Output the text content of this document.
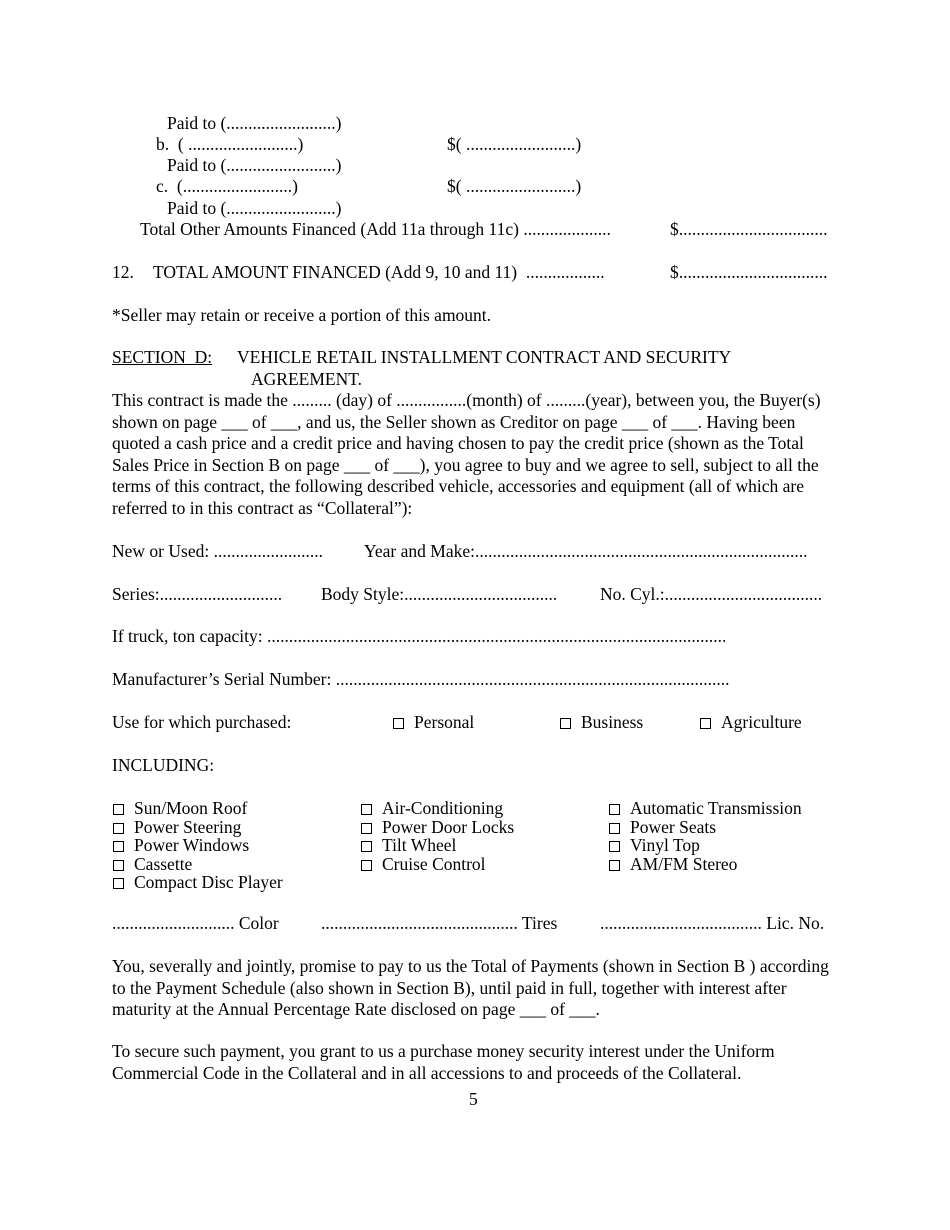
Paid to (.........................)
b.  ( .........................)	$( .........................)
Paid to (.........................)
c.  (.........................)	$( .........................)
Paid to (.........................)
Total Other Amounts Financed (Add 11a through 11c) ....................	$..................................
12. TOTAL AMOUNT FINANCED (Add 9, 10 and 11)  ..................	$..................................
*Seller may retain or receive a portion of this amount.
SECTION  D: VEHICLE RETAIL INSTALLMENT CONTRACT AND SECURITY
AGREEMENT.
This contract is made the ......... (day) of ................(month) of .........(year), between you, the Buyer(s) shown on page ___ of ___, and us, the Seller shown as Creditor on page ___ of ___. Having been quoted a cash price and a credit price and having chosen to pay the credit price (shown as the Total Sales Price in Section B on page ___ of ___), you agree to buy and we agree to sell, subject to all the terms of this contract, the following described vehicle, accessories and equipment (all of which are referred to in this contract as “Collateral”):
New or Used: ......................... Year and Make:............................................................................
Series:............................ Body Style:................................... No. Cyl.:....................................
If truck, ton capacity: .........................................................................................................
Manufacturer’s Serial Number: ..........................................................................................
Use for which purchased:	Personal	Business	Agriculture
INCLUDING:
Sun/Moon Roof
Power Steering
Power Windows
Cassette
Compact Disc Player
Air-Conditioning
Power Door Locks
Tilt Wheel
Cruise Control
Automatic Transmission
Power Seats
Vinyl Top
AM/FM Stereo
............................ Color ............................................. Tires ..................................... Lic. No.
You, severally and jointly, promise to pay to us the Total of Payments (shown in Section B ) according to the Payment Schedule (also shown in Section B), until paid in full, together with interest after maturity at the Annual Percentage Rate disclosed on page ___ of ___.
To secure such payment, you grant to us a purchase money security interest under the Uniform Commercial Code in the Collateral and in all accessions to and proceeds of the Collateral.
5
